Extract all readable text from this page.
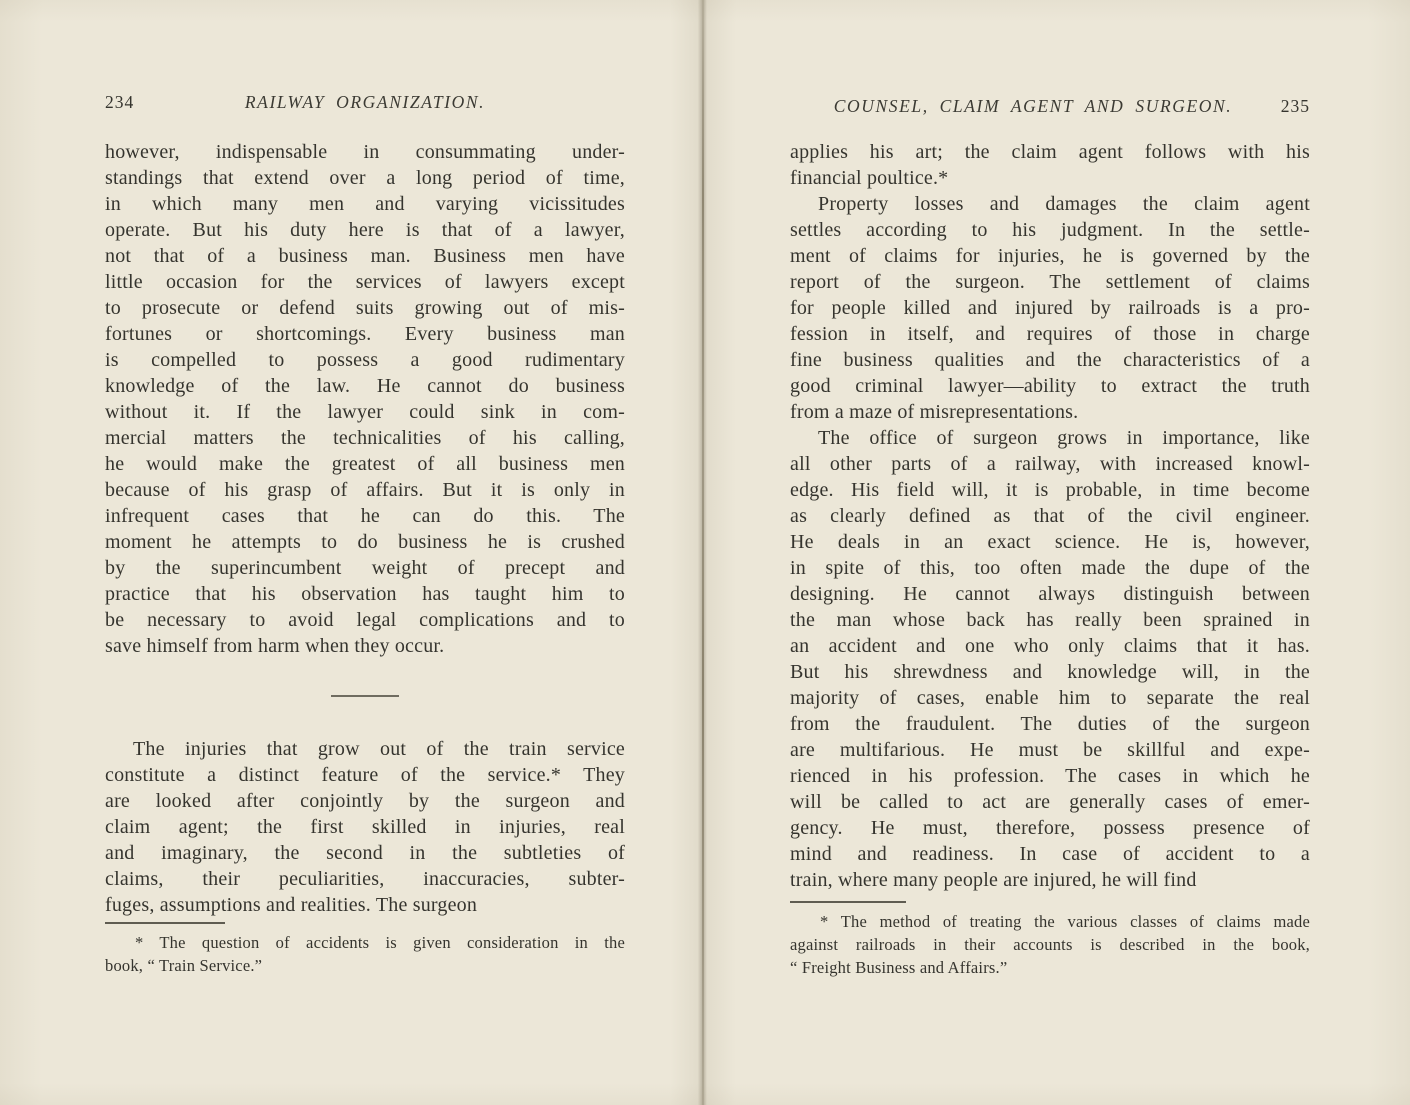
234	RAILWAY ORGANIZATION.
however, indispensable in consummating under-
standings that extend over a long period of time,
in which many men and varying vicissitudes
operate. But his duty here is that of a lawyer,
not that of a business man. Business men have
little occasion for the services of lawyers except
to prosecute or defend suits growing out of mis-
fortunes or shortcomings. Every business man
is compelled to possess a good rudimentary
knowledge of the law. He cannot do business
without it. If the lawyer could sink in com-
mercial matters the technicalities of his calling,
he would make the greatest of all business men
because of his grasp of affairs. But it is only in
infrequent cases that he can do this. The
moment he attempts to do business he is crushed
by the superincumbent weight of precept and
practice that his observation has taught him to
be necessary to avoid legal complications and to
save himself from harm when they occur.
The injuries that grow out of the train service
constitute a distinct feature of the service.* They
are looked after conjointly by the surgeon and
claim agent; the first skilled in injuries, real
and imaginary, the second in the subtleties of
claims, their peculiarities, inaccuracies, subter-
fuges, assumptions and realities. The surgeon
* The question of accidents is given consideration in the
book, “ Train Service.”
COUNSEL, CLAIM AGENT AND SURGEON.	235
applies his art; the claim agent follows with his
financial poultice.*
Property losses and damages the claim agent
settles according to his judgment. In the settle-
ment of claims for injuries, he is governed by the
report of the surgeon. The settlement of claims
for people killed and injured by railroads is a pro-
fession in itself, and requires of those in charge
fine business qualities and the characteristics of a
good criminal lawyer—ability to extract the truth
from a maze of misrepresentations.
The office of surgeon grows in importance, like
all other parts of a railway, with increased knowl-
edge. His field will, it is probable, in time become
as clearly defined as that of the civil engineer.
He deals in an exact science. He is, however,
in spite of this, too often made the dupe of the
designing. He cannot always distinguish between
the man whose back has really been sprained in
an accident and one who only claims that it has.
But his shrewdness and knowledge will, in the
majority of cases, enable him to separate the real
from the fraudulent. The duties of the surgeon
are multifarious. He must be skillful and expe-
rienced in his profession. The cases in which he
will be called to act are generally cases of emer-
gency. He must, therefore, possess presence of
mind and readiness. In case of accident to a
train, where many people are injured, he will find
* The method of treating the various classes of claims made
against railroads in their accounts is described in the book,
“ Freight Business and Affairs.”
